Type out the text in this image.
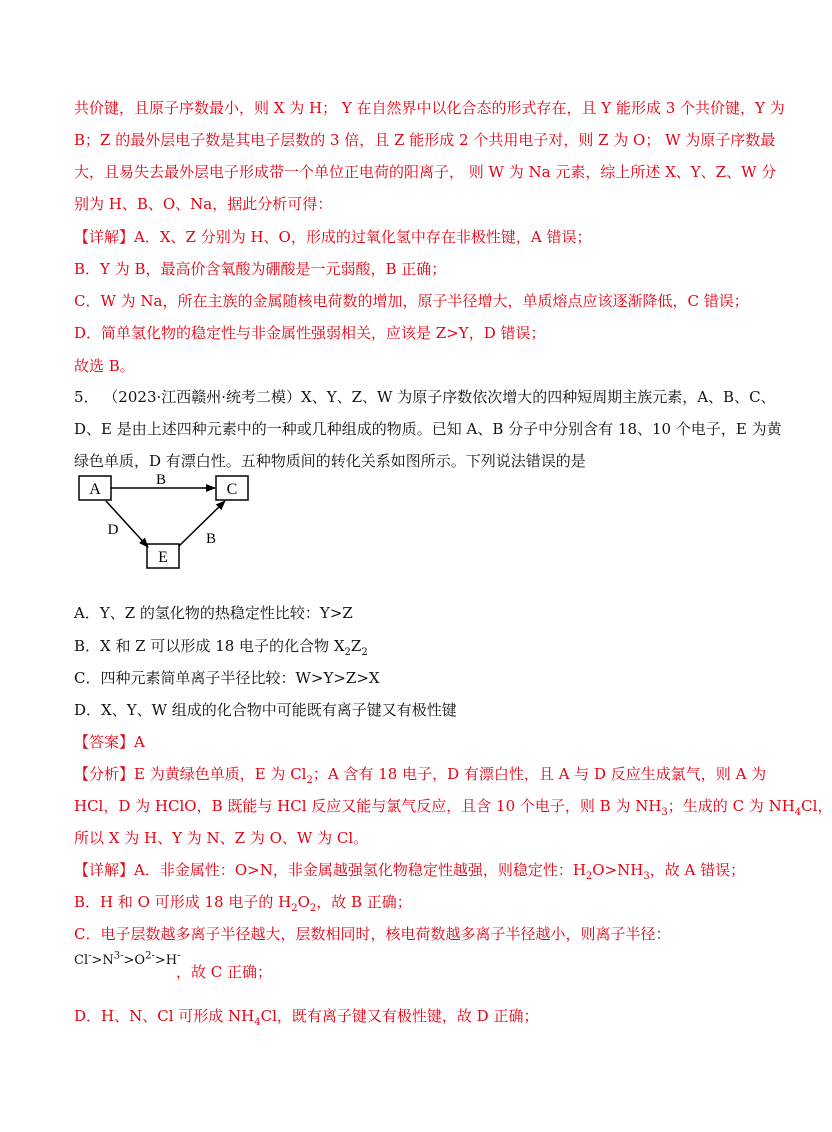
共价键，且原子序数最小，则 X 为 H； Y 在自然界中以化合态的形式存在，且 Y 能形成 3 个共价键，Y 为
B；Z 的最外层电子数是其电子层数的 3 倍，且 Z 能形成 2 个共用电子对，则 Z 为 O； W 为原子序数最
大，且易失去最外层电子形成带一个单位正电荷的阳离子， 则 W 为 Na 元素，综上所述 X、Y、Z、W 分
别为 H、B、O、Na，据此分析可得：
【详解】A．X、Z 分别为 H、O，形成的过氧化氢中存在非极性键，A 错误；
B．Y 为 B，最高价含氧酸为硼酸是一元弱酸，B 正确；
C．W 为 Na，所在主族的金属随核电荷数的增加，原子半径增大，单质熔点应该逐渐降低，C 错误；
D．简单氢化物的稳定性与非金属性强弱相关，应该是 Z>Y，D 错误；
故选 B。
5． （2023·江西赣州·统考二模）X、Y、Z、W 为原子序数依次增大的四种短周期主族元素，A、B、C、
D、E 是由上述四种元素中的一种或几种组成的物质。已知 A、B 分子中分别含有 18、10 个电子，E 为黄
绿色单质，D 有漂白性。五种物质间的转化关系如图所示。下列说法错误的是
A	C
E
B
D
B
A．Y、Z 的氢化物的热稳定性比较：Y>Z
B．X 和 Z 可以形成 18 电子的化合物 $X_2Z_2$
C．四种元素简单离子半径比较：W>Y>Z>X
D．X、Y、W 组成的化合物中可能既有离子键又有极性键
【答案】A
【分析】E 为黄绿色单质，E 为 $Cl_2$；A 含有 18 电子，D 有漂白性，且 A 与 D 反应生成氯气，则 A 为
HCl，D 为 HClO，B 既能与 HCl 反应又能与氯气反应，且含 10 个电子，则 B 为 $NH_3$；生成的 C 为 $NH_4Cl$，
所以 X 为 H、Y 为 N、Z 为 O、W 为 Cl。
【详解】A．非金属性：O>N，非金属越强氢化物稳定性越强，则稳定性：$H_2O>NH_3$，故 A 错误；
B．H 和 O 可形成 18 电子的 $H_2O_2$，故 B 正确；
C．电子层数越多离子半径越大，层数相同时，核电荷数越多离子半径越小，则离子半径：
$Cl^->N^{3-}>O^{2-}>H^-$
，故 C 正确；
D．H、N、Cl 可形成 $NH_4Cl$，既有离子键又有极性键，故 D 正确；
